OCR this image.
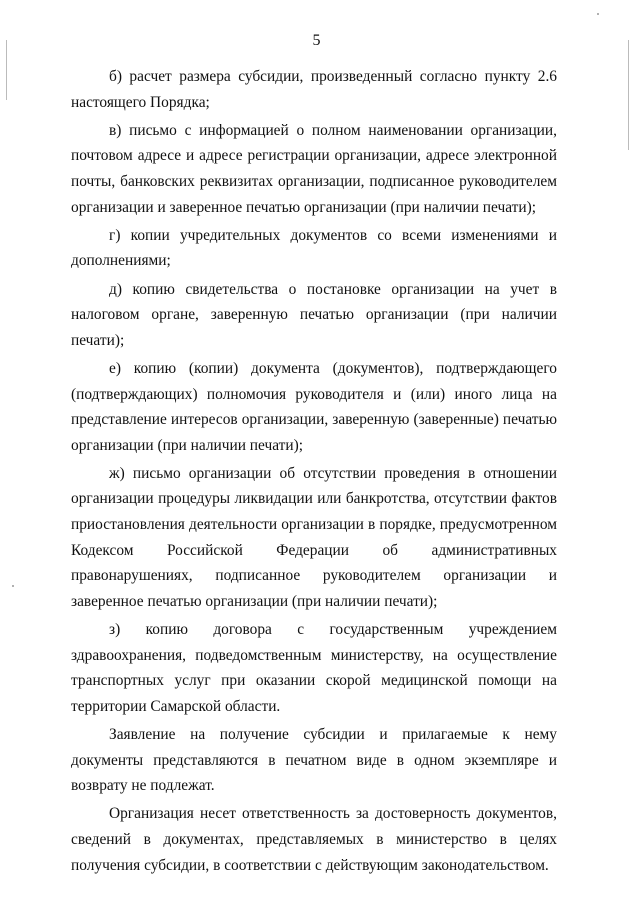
5

б) расчет размера субсидии, произведенный согласно пункту 2.6 настоящего Порядка;

в) письмо с информацией о полном наименовании организации, почтовом адресе и адресе регистрации организации, адресе электронной почты, банковских реквизитах организации, подписанное руководителем организации и заверенное печатью организации (при наличии печати);

г) копии учредительных документов со всеми изменениями и дополнениями;

д) копию свидетельства о постановке организации на учет в налоговом органе, заверенную печатью организации (при наличии печати);

е) копию (копии) документа (документов), подтверждающего (подтверждающих) полномочия руководителя и (или) иного лица на представление интересов организации, заверенную (заверенные) печатью организации (при наличии печати);

ж) письмо организации об отсутствии проведения в отношении организации процедуры ликвидации или банкротства, отсутствии фактов приостановления деятельности организации в порядке, предусмотренном Кодексом Российской Федерации об административных правонарушениях, подписанное руководителем организации и заверенное печатью организации (при наличии печати);

з) копию договора с государственным учреждением здравоохранения, подведомственным министерству, на осуществление транспортных услуг при оказании скорой медицинской помощи на территории Самарской области.

Заявление на получение субсидии и прилагаемые к нему документы представляются в печатном виде в одном экземпляре и возврату не подлежат.

Организация несет ответственность за достоверность документов, сведений в документах, представляемых в министерство в целях получения субсидии, в соответствии с действующим законодательством.
